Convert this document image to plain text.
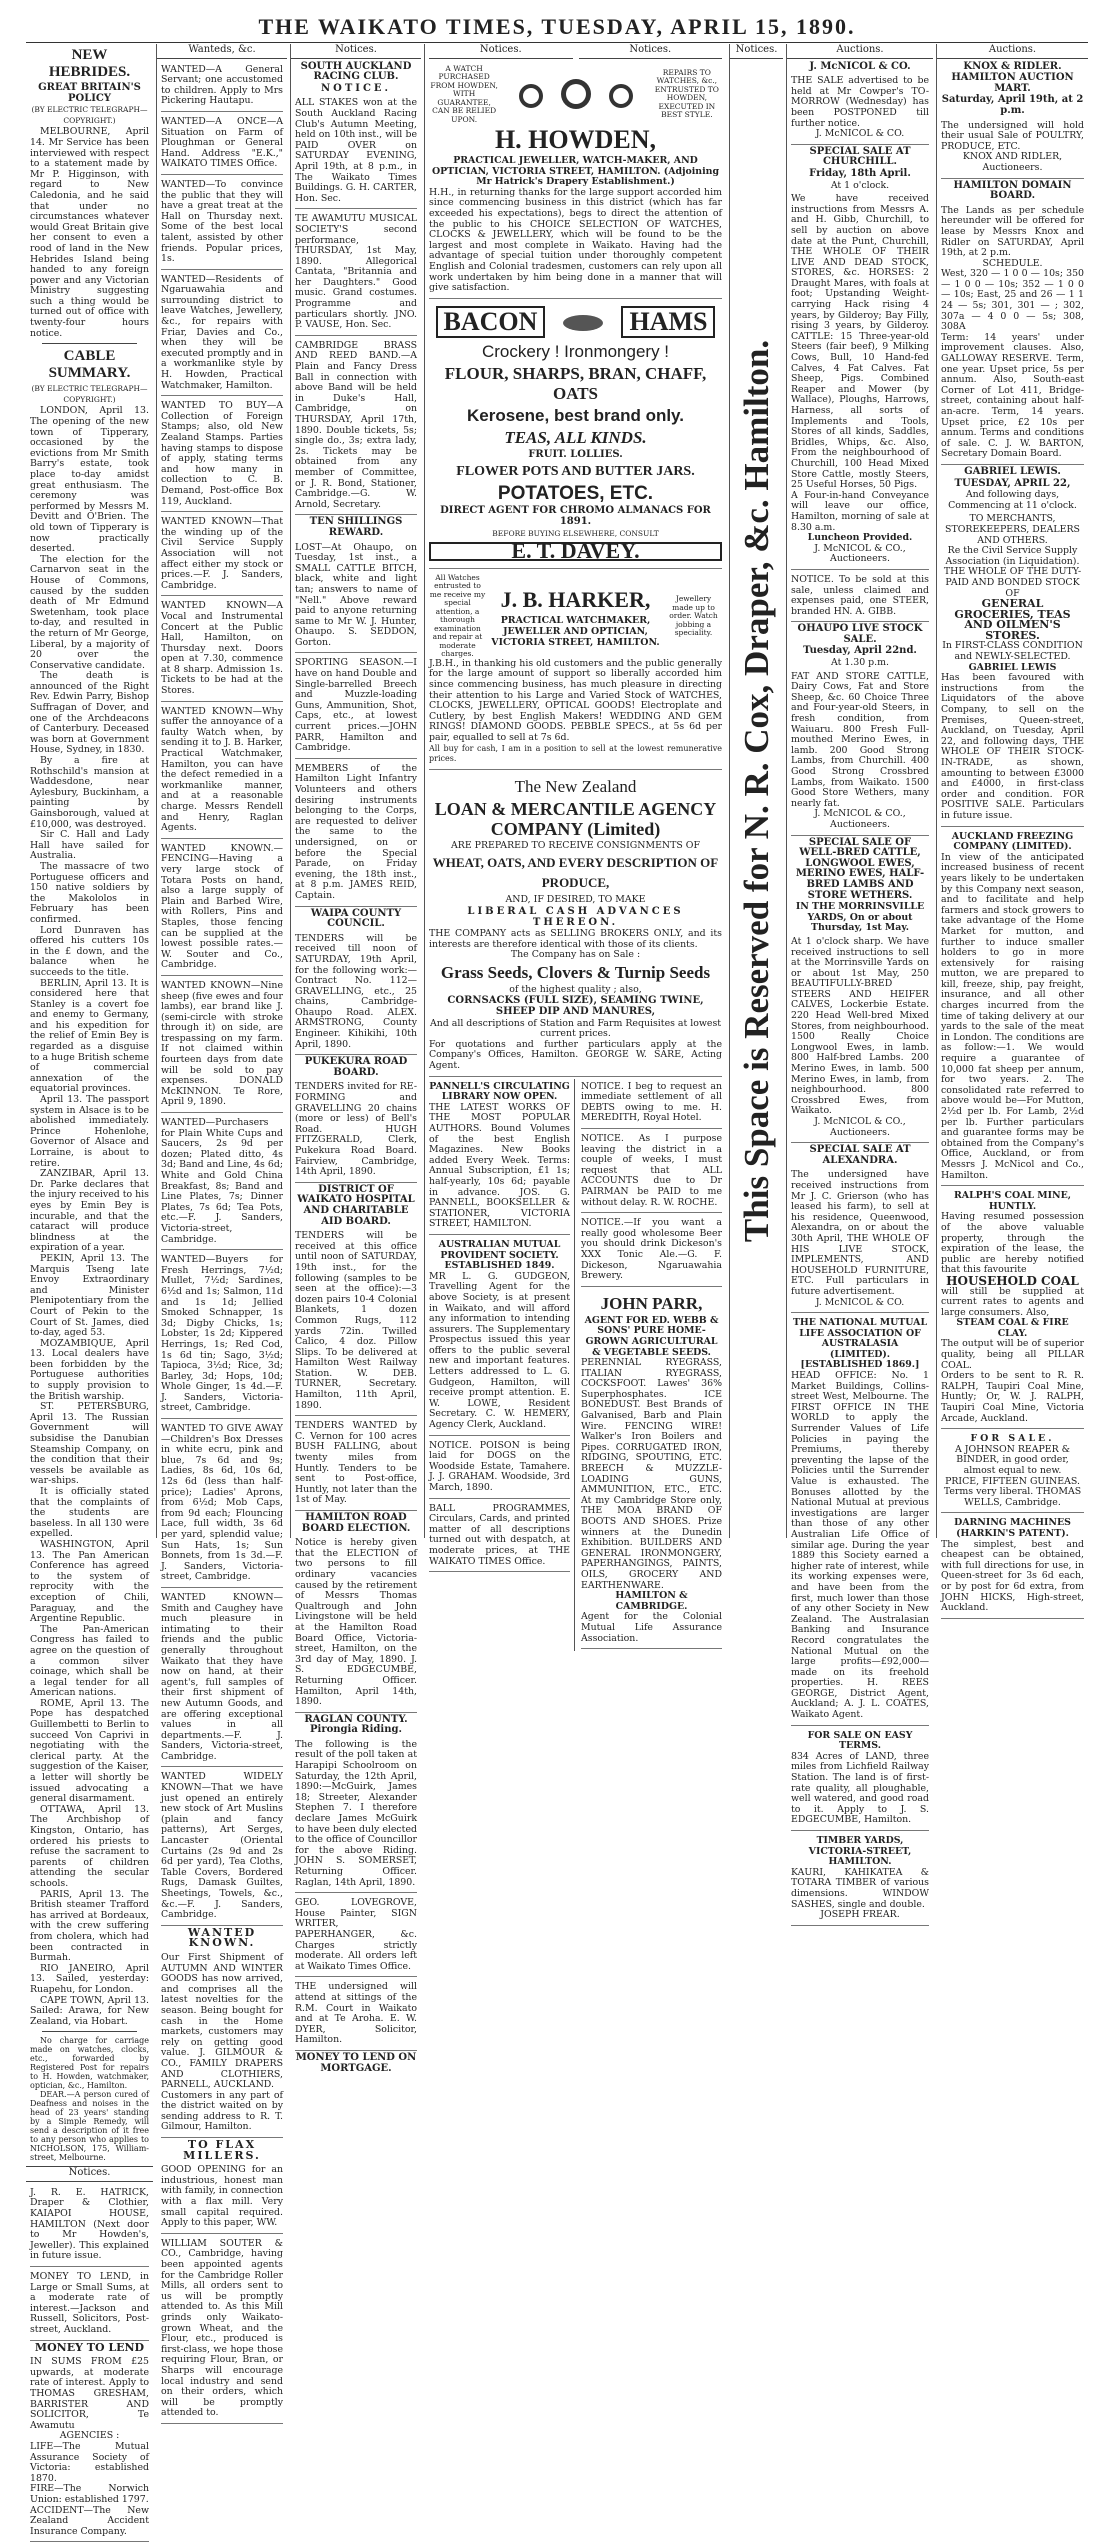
THE WAIKATO TIMES, TUESDAY, APRIL 15, 1890.
NEW HEBRIDES.
GREAT BRITAIN'S POLICY
(BY ELECTRIC TELEGRAPH—COPYRIGHT.)

MELBOURNE, April 14. Mr Service has been interviewed with respect to a statement made by Mr P. Higginson, with regard to New Caledonia, and he said that under no circumstances whatever would Great Britain give her consent to even a rood of land in the New Hebrides Island being handed to any foreign power and any Victorian Ministry suggesting such a thing would be turned out of office with twenty-four hours notice.

CABLE SUMMARY.
(BY ELECTRIC TELEGRAPH—COPYRIGHT.)

LONDON, April 13. The opening of the new town of Tipperary, occasioned by the evictions from Mr Smith Barry's estate, took place to-day amidst great enthusiasm. The ceremony was performed by Messrs M. Devitt and O'Brien. The old town of Tipperary is now practically deserted.

The election for the Carnarvon seat in the House of Commons, caused by the sudden death of Mr Edmund Swetenham, took place to-day, and resulted in the return of Mr George, Liberal, by a majority of 20 over the Conservative candidate.

The death is announced of the Right Rev. Edwin Parry, Bishop Suffragan of Dover, and one of the Archdeacons of Canterbury. Deceased was born at Government House, Sydney, in 1830.

By a fire at Rothschild's mansion at Waddesdone, near Aylesbury, Buckinham, a painting by Gainsborough, valued at £10,000, was destroyed.

Sir C. Hall and Lady Hall have sailed for Australia.

The massacre of two Portuguese officers and 150 native soldiers by the Makololos in February has been confirmed.

Lord Dunraven has offered his cutters 10s in the £ down, and the balance when he succeeds to the title.

BERLIN, April 13. It is considered here that Stanley is a covert foe and enemy to Germany, and his expedition for the relief of Emin Bey is regarded as a disguise to a huge British scheme of commercial annexation of the equatorial provinces.

April 13. The passport system in Alsace is to be abolished immediately. Prince Hohenlohe, Governor of Alsace and Lorraine, is about to retire.

ZANZIBAR, April 13. Dr. Parke declares that the injury received to his eyes by Emin Bey is incurable, and that the cataract will produce blindness at the expiration of a year.

PEKIN, April 13. The Marquis Tseng late Envoy Extraordinary and Minister Plenipotentiary from the Court of Pekin to the Court of St. James, died to-day, aged 53.

MOZAMBIQUE, April 13. Local dealers have been forbidden by the Portuguese authorities to supply provision to the British warship.

ST. PETERSBURG, April 13. The Russian Government will subsidise the Danubian Steamship Company, on the condition that their vessels be available as war-ships.

It is officially stated that the complaints of the students are baseless. In all 130 were expelled.

WASHINGTON, April 13. The Pan American Conference has agreed to the system of reprocity with the exception of Chili, Paraguay, and the Argentine Republic.

The Pan-American Congress has failed to agree on the question of a common silver coinage, which shall be a legal tender for all American nations.

ROME, April 13. The Pope has despatched Guillembetti to Berlin to succeed Von Caprivi in negotiating with the clerical party. At the suggestion of the Kaiser, a letter will shortly be issued advocating a general disarmament.

OTTAWA, April 13. The Archbishop of Kingston, Ontario, has ordered his priests to refuse the sacrament to parents of children attending the secular schools.

PARIS, April 13. The British steamer Trafford has arrived at Bordeaux, with the crew suffering from cholera, which had been contracted in Burmah.

RIO JANEIRO, April 13. Sailed, yesterday: Ruapehu, for London.

CAPE TOWN, April 13. Sailed: Arawa, for New Zealand, via Hobart.

No charge for carriage made on watches, clocks, etc., forwarded by Registered Post for repairs to H. Howden, watchmaker, optician, &c., Hamilton.

DEAR.—A person cured of Deafness and noises in the head of 23 years' standing by a Simple Remedy, will send a description of it free to any person who applies to NICHOLSON, 175, William-street, Melbourne.

Notices.

J. R. E. HATRICK, Draper & Clothier, KAIAPOI HOUSE, HAMILTON (Next door to Mr Howden's, Jeweller). This explained in future issue.

MONEY TO LEND, in Large or Small Sums, at a moderate rate of interest.—Jackson and Russell, Solicitors, Post-street, Auckland.

MONEY TO LEND

IN SUMS FROM £25 upwards, at moderate rate of interest. Apply to THOMAS GRESHAM, BARRISTER AND SOLICITOR, Te Awamutu

AGENCIES :

LIFE—The Mutual Assurance Society of Victoria: established 1870.

FIRE—The Norwich Union: established 1797.

ACCIDENT—The New Zealand Accident Insurance Company.

Wanteds, &c.

WANTED—A General Servant; one accustomed to children. Apply to Mrs Pickering Hautapu.

WANTED—A ONCE—A Situation on Farm of Ploughman or General Hand. Address "E.K.," WAIKATO TIMES Office.

WANTED—To convince the public that they will have a great treat at the Hall on Thursday next. Some of the best local talent, assisted by other friends. Popular prices, 1s.

WANTED—Residents of Ngaruawahia and surrounding district to leave Watches, Jewellery, &c., for repairs with Friar, Davies and Co., when they will be executed promptly and in a workmanlike style by H. Howden, Practical Watchmaker, Hamilton.

WANTED TO BUY—A Collection of Foreign Stamps; also, old New Zealand Stamps. Parties having stamps to dispose of apply, stating terms and how many in collection to C. B. Demand, Post-office Box 119, Auckland.

WANTED KNOWN—That the winding up of the Civil Service Supply Association will not affect either my stock or prices.—F. J. Sanders, Cambridge.

WANTED KNOWN—A Vocal and Instrumental Concert at the Public Hall, Hamilton, on Thursday next. Doors open at 7.30, commence at 8 sharp. Admission 1s. Tickets to be had at the Stores.

WANTED KNOWN—Why suffer the annoyance of a faulty Watch when, by sending it to J. B. Harker, Practical Watchmaker, Hamilton, you can have the defect remedied in a workmanlike manner, and at a reasonable charge. Messrs Rendell and Henry, Raglan Agents.

WANTED KNOWN.—FENCING—Having a very large stock of Totara Posts on hand, also a large supply of Plain and Barbed Wire, with Rollers, Pins and Staples, those fencing can be supplied at the lowest possible rates.—W. Souter and Co., Cambridge.

WANTED KNOWN—Nine sheep (five ewes and four lambs), ear brand like J. (semi-circle with stroke through it) on side, are trespassing on my farm. If not claimed within fourteen days from date will be sold to pay expenses. DONALD McKINNON. Te Rore, April 9, 1890.

WANTED—Purchasers for Plain White Cups and Saucers, 2s 9d per dozen; Plated ditto, 4s 3d; Band and Line, 4s 6d; White and Gold China Breakfast, 8s; Band and Line Plates, 7s; Dinner Plates, 7s 6d; Tea Pots, etc.—F. J. Sanders, Victoria-street, Cambridge.

WANTED—Buyers for Fresh Herrings, 7½d; Mullet, 7½d; Sardines, 6½d and 1s; Salmon, 11d and 1s 1d; Jellied Smoked Schnapper, 1s 3d; Digby Chicks, 1s; Lobster, 1s 2d; Kippered Herrings, 1s; Red Cod, 1s 6d tin; Sago, 3½d; Tapioca, 3½d; Rice, 3d; Barley, 3d; Hops, 10d; Whole Ginger, 1s 4d.—F. J. Sanders, Victoria-street, Cambridge.

WANTED TO GIVE AWAY—Children's Box Dresses in white ecru, pink and blue, 7s 6d and 9s; Ladies, 8s 6d, 10s 6d, 12s 6d (less than half-price); Ladies' Aprons, from 6½d; Mob Caps, from 9d each; Flouncing Lace, full width, 3s 6d per yard, splendid value; Sun Hats, 1s; Sun Bonnets, from 1s 3d.—F. J. Sanders, Victoria-street, Cambridge.

WANTED KNOWN—Smith and Caughey have much pleasure in intimating to their friends and the public generally throughout Waikato that they have now on hand, at their agent's, full samples of their first shipment of new Autumn Goods, and are offering exceptional values in all departments.—F. J. Sanders, Victoria-street, Cambridge.

WANTED WIDELY KNOWN—That we have just opened an entirely new stock of Art Muslins (plain and fancy patterns), Art Serges, Lancaster (Oriental Curtains (2s 9d and 2s 6d per yard), Tea Cloths, Table Covers, Bordered Rugs, Damask Guiltes, Sheetings, Towels, &c., &c.—F. J. Sanders, Cambridge.

WANTED KNOWN.

Our First Shipment of AUTUMN AND WINTER GOODS has now arrived, and comprises all the latest novelties for the season. Being bought for cash in the Home markets, customers may rely on getting good value. J. GILMOUR & CO., FAMILY DRAPERS AND CLOTHIERS, PARNELL, AUCKLAND.

Customers in any part of the district waited on by sending address to R. T. Gilmour, Hamilton.

TO FLAX MILLERS.

GOOD OPENING for an industrious, honest man with family, in connection with a flax mill. Very small capital required. Apply to this paper, WW.

WILLIAM SOUTER & CO., Cambridge, having been appointed agents for the Cambridge Roller Mills, all orders sent to us will be promptly attended to. As this Mill grinds only Waikato-grown Wheat, and the Flour, etc., produced is first-class, we hope those requiring Flour, Bran, or Sharps will encourage local industry and send on their orders, which will be promptly attended to.

Notices.
SOUTH AUCKLAND RACING CLUB.
NOTICE.

ALL STAKES won at the South Auckland Racing Club's Autumn Meeting, held on 10th inst., will be PAID OVER on SATURDAY EVENING, April 19th, at 8 p.m., in The Waikato Times Buildings. G. H. CARTER, Hon. Sec.

TE AWAMUTU MUSICAL SOCIETY'S second performance, THURSDAY, 1st May, 1890. Allegorical Cantata, "Britannia and her Daughters." Good music. Grand costumes. Programme and particulars shortly. JNO. P. VAUSE, Hon. Sec.

CAMBRIDGE BRASS AND REED BAND.—A Plain and Fancy Dress Ball in connection with above Band will be held in Duke's Hall, Cambridge, on THURSDAY, April 17th, 1890. Double tickets, 5s; single do., 3s; extra lady, 2s. Tickets may be obtained from any member of Committee, or J. R. Bond, Stationer, Cambridge.—G. W. Arnold, Secretary.

TEN SHILLINGS REWARD.

LOST—At Ohaupo, on Tuesday, 1st inst., a SMALL CATTLE BITCH, black, white and light tan; answers to name of "Nell." Above reward paid to anyone returning same to Mr W. J. Hunter, Ohaupo. S. SEDDON, Gorton.

SPORTING SEASON.—I have on hand Double and Single-barrelled Breech and Muzzle-loading Guns, Ammunition, Shot, Caps, etc., at lowest current prices.—JOHN PARR, Hamilton and Cambridge.

MEMBERS of the Hamilton Light Infantry Volunteers and others desiring instruments belonging to the Corps, are requested to deliver the same to the undersigned, on or before the Special Parade, on Friday evening, the 18th inst., at 8 p.m. JAMES REID, Captain.

WAIPA COUNTY COUNCIL.

TENDERS will be received till noon of SATURDAY, 19th April, for the following work:—Contract No. 112—GRAVELLING, etc., 25 chains, Cambridge-Ohaupo Road. ALEX. ARMSTRONG, County Engineer. Kihikihi, 10th April, 1890.

PUKEKURA ROAD BOARD.

TENDERS invited for RE-FORMING and GRAVELLING 20 chains (more or less) of Bell's Road. HUGH FITZGERALD, Clerk, Pukekura Road Board. Fairview, Cambridge, 14th April, 1890.

DISTRICT OF WAIKATO HOSPITAL AND CHARITABLE AID BOARD.

TENDERS will be received at this office until noon of SATURDAY, 19th inst., for the following (samples to be seen at the office):—3 dozen pairs 10-4 Colonial Blankets, 1 dozen Common Rugs, 112 yards 72in. Twilled Calico, 4 doz. Pillow Slips. To be delivered at Hamilton West Railway Station. W. DEB. TURNER, Secretary. Hamilton, 11th April, 1890.

TENDERS WANTED by C. Vernon for 100 acres BUSH FALLING, about twenty miles from Huntly. Tenders to be sent to Post-office, Huntly, not later than the 1st of May.

HAMILTON ROAD BOARD ELECTION.

Notice is hereby given that the ELECTION of two persons to fill ordinary vacancies caused by the retirement of Messrs Thomas Qualtrough and John Livingstone will be held at the Hamilton Road Board Office, Victoria-street, Hamilton, on the 3rd day of May, 1890. J. S. EDGECUMBE, Returning Officer. Hamilton, April 14th, 1890.

RAGLAN COUNTY. Pirongia Riding.

The following is the result of the poll taken at Harapipi Schoolroom on Saturday, the 12th April, 1890:—McGuirk, James 18; Streeter, Alexander Stephen 7. I therefore declare James McGuirk to have been duly elected to the office of Councillor for the above Riding. JOHN S. SOMERSET, Returning Officer. Raglan, 14th April, 1890.

GEO. LOVEGROVE, House Painter, SIGN WRITER, PAPERHANGER, &c. Charges strictly moderate. All orders left at Waikato Times Office.

THE undersigned will attend at sittings of the R.M. Court in Waikato and at Te Aroha. E. W. DYER, Solicitor, Hamilton.

MONEY TO LEND ON MORTGAGE.
Notices.	Notices.
A WATCH PURCHASED FROM HOWDEN, WITH GUARANTEE, CAN BE RELIED UPON.
REPAIRS TO WATCHES, &c., ENTRUSTED TO HOWDEN, EXECUTED IN BEST STYLE.
H. HOWDEN,

PRACTICAL JEWELLER, WATCH-MAKER, AND OPTICIAN, VICTORIA STREET, HAMILTON. (Adjoining Mr Hatrick's Drapery Establishment.)

H.H., in returning thanks for the large support accorded him since commencing business in this district (which has far exceeded his expectations), begs to direct the attention of the public to his CHOICE SELECTION OF WATCHES, CLOCKS & JEWELLERY, which will be found to be the largest and most complete in Waikato. Having had the advantage of special tuition under thoroughly competent English and Colonial tradesmen, customers can rely upon all work undertaken by him being done in a manner that will give satisfaction.

BACON	HAMS
Crockery ! Ironmongery !
FLOUR, SHARPS, BRAN, CHAFF, OATS
Kerosene, best brand only.
TEAS, ALL KINDS.
FRUIT. LOLLIES.
FLOWER POTS AND BUTTER JARS.
POTATOES, ETC.
DIRECT AGENT FOR CHROMO ALMANACS FOR 1891.
BEFORE BUYING ELSEWHERE, CONSULT
E. T. DAVEY.
All Watches entrusted to me receive my special attention, a thorough examination and repair at moderate charges.
J. B. HARKER,

PRACTICAL WATCHMAKER, JEWELLER AND OPTICIAN, VICTORIA STREET, HAMILTON.

Jewellery made up to order. Watch jobbing a speciality.

J.B.H., in thanking his old customers and the public generally for the large amount of support so liberally accorded him since commencing business, has much pleasure in directing their attention to his Large and Varied Stock of WATCHES, CLOCKS, JEWELLERY, OPTICAL GOODS! Electroplate and Cutlery, by best English Makers! WEDDING AND GEM RINGS! DIAMOND GOODS. PEBBLE SPECS., at 5s 6d per pair, equalled to sell at 7s 6d.

All buy for cash, I am in a position to sell at the lowest remunerative prices.

The New Zealand
LOAN & MERCANTILE AGENCY COMPANY (Limited)

ARE PREPARED TO RECEIVE CONSIGNMENTS OF

WHEAT, OATS, AND EVERY DESCRIPTION OF PRODUCE,

AND, IF DESIRED, TO MAKE

LIBERAL CASH ADVANCES THEREON.

THE COMPANY acts as SELLING BROKERS ONLY, and its interests are therefore identical with those of its clients.

The Company has on Sale :

Grass Seeds, Clovers & Turnip Seeds

of the highest quality ; also,

CORNSACKS (FULL SIZE), SEAMING TWINE, SHEEP DIP AND MANURES,

And all descriptions of Station and Farm Requisites at lowest current prices.

For quotations and further particulars apply at the Company's Offices, Hamilton. GEORGE W. SARE, Acting Agent.

PANNELL'S CIRCULATING LIBRARY NOW OPEN.

THE LATEST WORKS OF THE MOST POPULAR AUTHORS. Bound Volumes of the best English Magazines. New Books added Every Week. Terms: Annual Subscription, £1 1s; half-yearly, 10s 6d; payable in advance. JOS. G. PANNELL, BOOKSELLER & STATIONER, VICTORIA STREET, HAMILTON.

AUSTRALIAN MUTUAL PROVIDENT SOCIETY. ESTABLISHED 1849.

MR L. G. GUDGEON, Travelling Agent for the above Society, is at present in Waikato, and will afford any information to intending assurers. The Supplementary Prospectus issued this year offers to the public several new and important features. Letters addressed to L. G. Gudgeon, Hamilton, will receive prompt attention. E. W. LOWE, Resident Secretary. C. W. HEMERY, Agency Clerk, Auckland.

NOTICE. POISON is being laid for DOGS on the Woodside Estate, Tamahere. J. J. GRAHAM. Woodside, 3rd March, 1890.

BALL PROGRAMMES, Circulars, Cards, and printed matter of all descriptions turned out with despatch, at moderate prices, at THE WAIKATO TIMES Office.

NOTICE. I beg to request an immediate settlement of all DEBTS owing to me. H. MEREDITH, Royal Hotel.

NOTICE. As I purpose leaving the district in a couple of weeks, I must request that ALL ACCOUNTS due to Dr PAIRMAN be PAID to me without delay. R. W. ROCHE.

NOTICE.—If you want a really good wholesome Beer you should drink Dickeson's XXX Tonic Ale.—G. F. Dickeson, Ngaruawahia Brewery.

JOHN PARR,

AGENT FOR ED. WEBB & SONS' PURE HOME-GROWN AGRICULTURAL & VEGETABLE SEEDS.

PERENNIAL RYEGRASS, ITALIAN RYEGRASS, COCKSFOOT. Lawes' 36% Superphosphates. ICE BONEDUST. Best Brands of Galvanised, Barb and Plain Wire. FENCING WIRE! Walker's Iron Boilers and Pipes. CORRUGATED IRON, RIDGING, SPOUTING, ETC. BREECH & MUZZLE-LOADING GUNS, AMMUNITION, ETC., ETC. At my Cambridge Store only, THE MOA BRAND OF BOOTS AND SHOES. Prize winners at the Dunedin Exhibition. BUILDERS AND GENERAL IRONMONGERY, PAPERHANGINGS, PAINTS, OILS, GROCERY AND EARTHENWARE.

HAMILTON & CAMBRIDGE.

Agent for the Colonial Mutual Life Assurance Association.

Notices.
This Space is Reserved for N. R. Cox, Draper, &c. Hamilton.
Auctions.
J. McNICOL & CO.

THE SALE advertised to be held at Mr Cowper's TO-MORROW (Wednesday) has been POSTPONED till further notice.

J. McNICOL & CO.

SPECIAL SALE AT CHURCHILL.
Friday, 18th April.

At 1 o'clock.

We have received instructions from Messrs A. and H. Gibb, Churchill, to sell by auction on above date at the Punt, Churchill, THE WHOLE OF THEIR LIVE AND DEAD STOCK, STORES, &c. HORSES: 2 Draught Mares, with foals at foot; Upstanding Weight-carrying Hack rising 4 years, by Gilderoy; Bay Filly, rising 3 years, by Gilderoy. CATTLE: 15 Three-year-old Steers (fair beef), 9 Milking Cows, Bull, 10 Hand-fed Calves, 4 Fat Calves. Fat Sheep, Pigs. Combined Reaper and Mower (by Wallace), Ploughs, Harrows, Harness, all sorts of Implements and Tools, Stores of all kinds, Saddles, Bridles, Whips, &c. Also, From the neighbourhood of Churchill, 100 Head Mixed Store Cattle, mostly Steers, 25 Useful Horses, 50 Pigs.

A Four-in-hand Conveyance will leave our office, Hamilton, morning of sale at 8.30 a.m.

Luncheon Provided.

J. McNICOL & CO., Auctioneers.

NOTICE. To be sold at this sale, unless claimed and expenses paid, one STEER, branded HN. A. GIBB.

OHAUPO LIVE STOCK SALE.
Tuesday, April 22nd.

At 1.30 p.m.

FAT AND STORE CATTLE, Dairy Cows, Fat and Store Sheep, &c. 60 Choice Three and Four-year-old Steers, in fresh condition, from Waiuaru. 800 Fresh Full-mouthed Merino Ewes, in lamb. 200 Good Strong Lambs, from Churchill. 400 Good Strong Crossbred Lambs, from Waikato. 1500 Good Store Wethers, many nearly fat.

J. McNICOL & CO., Auctioneers.

SPECIAL SALE OF WELL-BRED CATTLE, LONGWOOL EWES, MERINO EWES, HALF-BRED LAMBS AND STORE WETHERS.

IN THE MORRINSVILLE YARDS, On or about Thursday, 1st May.

At 1 o'clock sharp. We have received instructions to sell at the Morrinsville Yards on or about 1st May, 250 BEAUTIFULLY-BRED STEERS AND HEIFER CALVES, Lockerbie Estate. 220 Head Well-bred Mixed Stores, from neighbourhood. 1500 Really Choice Longwool Ewes, in lamb. 800 Half-bred Lambs. 200 Merino Ewes, in lamb. 500 Merino Ewes, in lamb, from neighbourhood. 800 Crossbred Ewes, from Waikato.

J. McNICOL & CO., Auctioneers.

SPECIAL SALE AT ALEXANDRA.

The undersigned have received instructions from Mr J. C. Grierson (who has leased his farm), to sell at his residence, Queenwood, Alexandra, on or about the 30th April, THE WHOLE OF HIS LIVE STOCK, IMPLEMENTS, AND HOUSEHOLD FURNITURE, ETC. Full particulars in future advertisement.

J. McNICOL & CO.

THE NATIONAL MUTUAL LIFE ASSOCIATION OF AUSTRALASIA (LIMITED). [ESTABLISHED 1869.]

HEAD OFFICE: No. 1 Market Buildings, Collins-street West, Melbourne. The FIRST OFFICE IN THE WORLD to apply the Surrender Values of Life Policies in paying the Premiums, thereby preventing the lapse of the Policies until the Surrender Value is exhausted. The Bonuses allotted by the National Mutual at previous investigations are larger than those of any other Australian Life Office of similar age. During the year 1889 this Society earned a higher rate of interest, while its working expenses were, and have been from the first, much lower than those of any other Society in New Zealand. The Australasian Banking and Insurance Record congratulates the National Mutual on the large profits—£92,000—made on its freehold properties. H. REES GEORGE, District Agent, Auckland; A. J. L. COATES, Waikato Agent.

FOR SALE ON EASY TERMS.

834 Acres of LAND, three miles from Lichfield Railway Station. The land is of first-rate quality, all ploughable, well watered, and good road to it. Apply to J. S. EDGECUMBE, Hamilton.

TIMBER YARDS, VICTORIA-STREET, HAMILTON.

KAURI, KAHIKATEA & TOTARA TIMBER of various dimensions. WINDOW SASHES, single and double.

JOSEPH FREAR.

Auctions.
KNOX & RIDLER.
HAMILTON AUCTION MART.
Saturday, April 19th, at 2 p.m.

The undersigned will hold their usual Sale of POULTRY, PRODUCE, ETC.

KNOX AND RIDLER, Auctioneers.

HAMILTON DOMAIN BOARD.

The Lands as per schedule hereunder will be offered for lease by Messrs Knox and Ridler on SATURDAY, April 19th, at 2 p.m.

SCHEDULE.

West, 320 — 1 0 0 — 10s; 350 — 1 0 0 — 10s; 352 — 1 0 0 — 10s; East, 25 and 26 — 1 1 24 — 5s; 301, 301 — ; 302, 307a — 4 0 0 — 5s; 308, 308A

Term: 14 years' under improvement clauses. Also, GALLOWAY RESERVE. Term, one year. Upset price, 5s per annum. Also, South-east Corner of Lot 411, Bridge-street, containing about half-an-acre. Term, 14 years. Upset price, £2 10s per annum. Terms and conditions of sale. C. J. W. BARTON, Secretary Domain Board.

GABRIEL LEWIS.
TUESDAY, APRIL 22,

And following days, Commencing at 11 o'clock.

TO MERCHANTS, STOREKEEPERS, DEALERS AND OTHERS.

Re the Civil Service Supply Association (in Liquidation).

THE WHOLE OF THE DUTY-PAID AND BONDED STOCK OF

GENERAL GROCERIES, TEAS AND OILMEN'S STORES.

In FIRST-CLASS CONDITION and NEWLY-SELECTED.

GABRIEL LEWIS

Has been favoured with instructions from the Liquidators of the above Company, to sell on the Premises, Queen-street, Auckland, on Tuesday, April 22, and following days, THE WHOLE OF THEIR STOCK-IN-TRADE, as shown, amounting to between £3000 and £4000, in first-class order and condition. FOR POSITIVE SALE. Particulars in future issue.

AUCKLAND FREEZING COMPANY (LIMITED).

In view of the anticipated increased business of recent years likely to be undertaken by this Company next season, and to facilitate and help farmers and stock growers to take advantage of the Home Market for mutton, and further to induce smaller holders to go in more extensively for raising mutton, we are prepared to kill, freeze, ship, pay freight, insurance, and all other charges incurred from the time of taking delivery at our yards to the sale of the meat in London. The conditions are as follow:—1. We would require a guarantee of 10,000 fat sheep per annum, for two years. 2. The consolidated rate referred to above would be—For Mutton, 2½d per lb. For Lamb, 2½d per lb. Further particulars and guarantee forms may be obtained from the Company's Office, Auckland, or from Messrs J. McNicol and Co., Hamilton.

RALPH'S COAL MINE, HUNTLY.

Having resumed possession of the above valuable property, through the expiration of the lease, the public are hereby notified that this favourite

HOUSEHOLD COAL

will still be supplied at current rates to agents and large consumers. Also,

STEAM COAL & FIRE CLAY.

The output will be of superior quality, being all PILLAR COAL.

Orders to be sent to R. R. RALPH, Taupiri Coal Mine, Huntly; Or, W. J. RALPH, Taupiri Coal Mine, Victoria Arcade, Auckland.

FOR SALE.

A JOHNSON REAPER & BINDER, in good order, almost equal to new.

PRICE, FIFTEEN GUINEAS. Terms very liberal. THOMAS WELLS, Cambridge.

DARNING MACHINES (HARKIN'S PATENT).

The simplest, best and cheapest can be obtained, with full directions for use, in Queen-street for 3s 6d each, or by post for 6d extra, from JOHN HICKS, High-street, Auckland.
